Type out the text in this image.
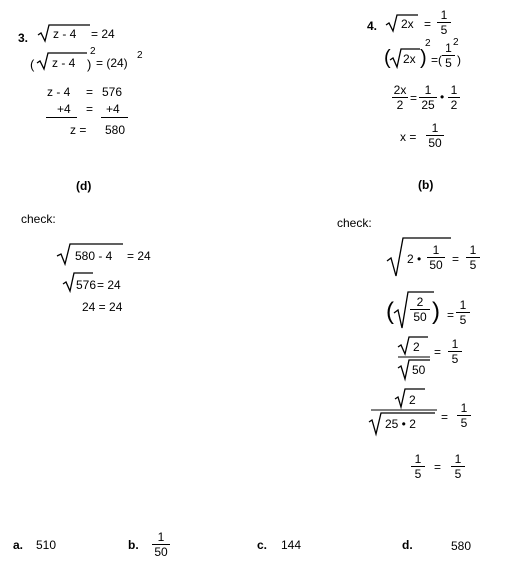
3. z - 4 = 24
( z - 4 )
2
= (24)
2
z - 4 = 576
+4 = +4
z = 580
(d)
check:
580 - 4 = 24
576 = 24
24 = 24
4. 2x =
1
5
( 2x )
2
= (
1
5
2
)
2x
2 =
1
25
• 1
2
x =
1
50
(b)
check:
2 •
1
50 =
1
5
(	2
50 ) =
1
5
2
50
=
1
5
2
25 • 2 =
1
5
1
5	=
1
5
a. 510	b.
1
50	c. 144	d.	580
